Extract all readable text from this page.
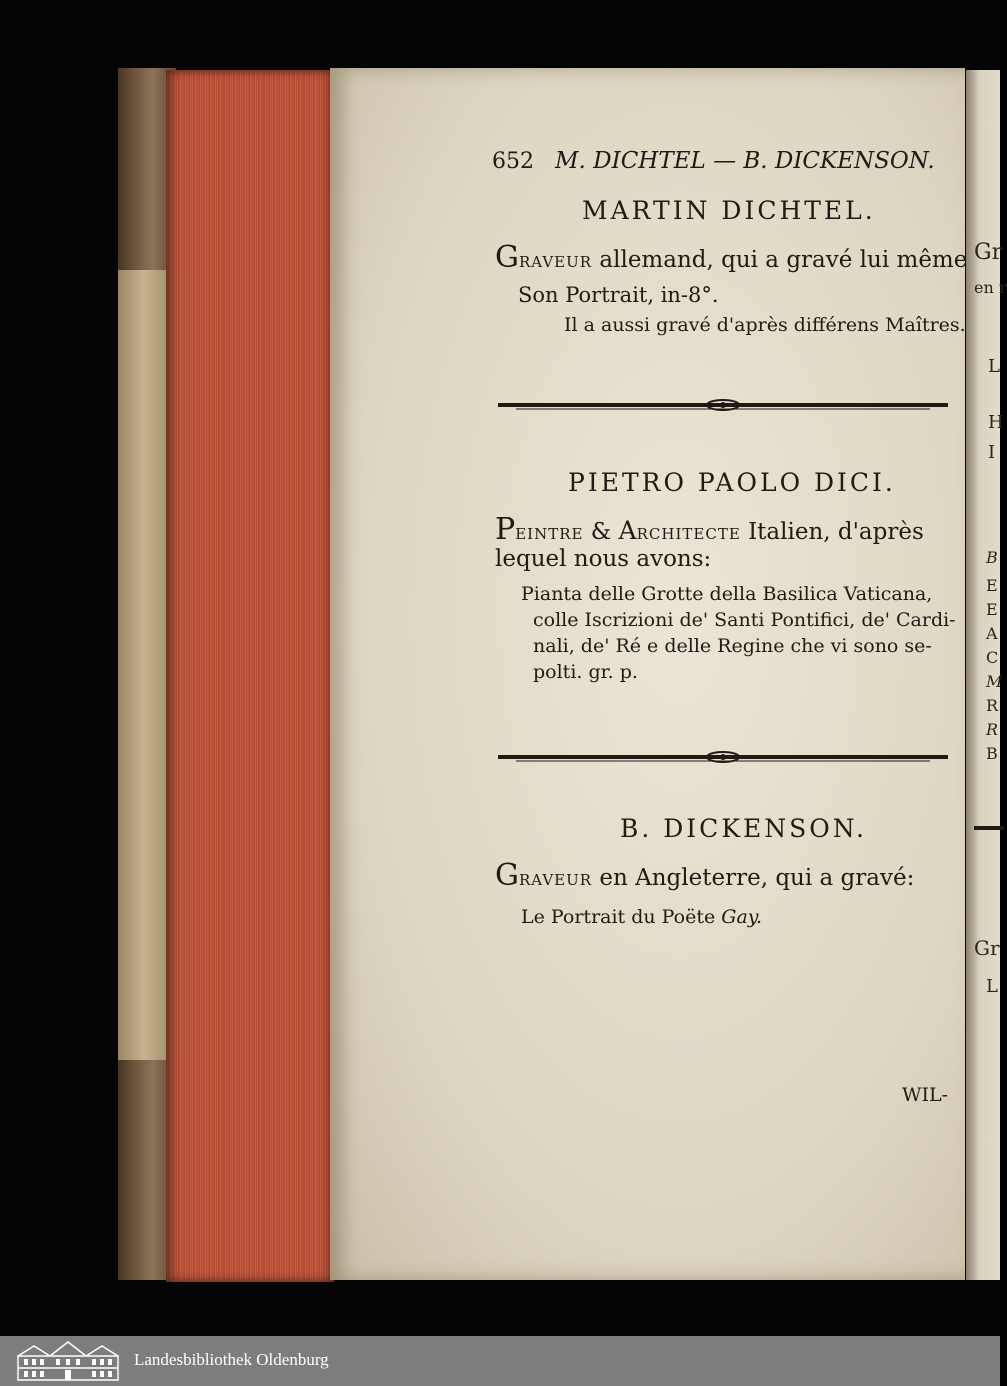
Gr
en r
L
H
I
B
E
E
A
C
M
R
R
B
Gr
L
652 M. DICHTEL — B. DICKENSON.
MARTIN DICHTEL.
GRAVEUR allemand, qui a gravé lui même
Son Portrait, in-8°.
Il a aussi gravé d'après différens Maîtres.
PIETRO PAOLO DICI.
PEINTRE & ARCHITECTE Italien, d'après
lequel nous avons:
Pianta delle Grotte della Basilica Vaticana,
colle Iscrizioni de' Santi Pontifici, de' Cardi-
nali, de' Ré e delle Regine che vi sono se-
polti. gr. p.
B. DICKENSON.
GRAVEUR en Angleterre, qui a gravé:
Le Portrait du Poëte Gay.
WIL-
Landesbibliothek Oldenburg
